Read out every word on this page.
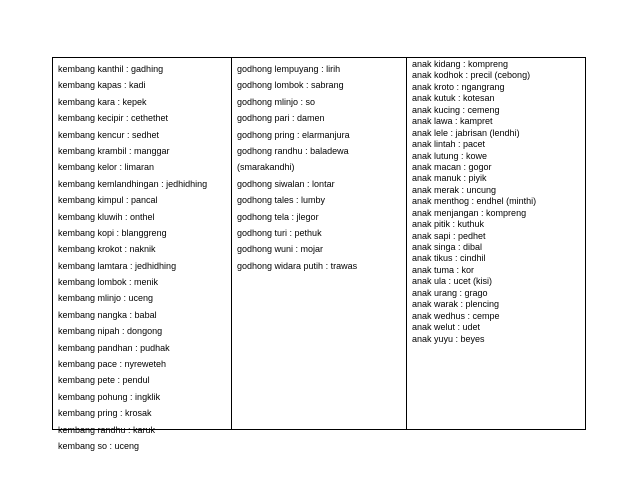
kembang kanthil : gadhing
kembang kapas : kadi
kembang kara : kepek
kembang kecipir : cethethet
kembang kencur : sedhet
kembang krambil : manggar
kembang kelor : limaran
kembang kemlandhingan : jedhidhing
kembang kimpul : pancal
kembang kluwih : onthel
kembang kopi : blanggreng
kembang krokot : naknik
kembang lamtara : jedhidhing
kembang lombok : menik
kembang mlinjo : uceng
kembang nangka : babal
kembang nipah : dongong
kembang pandhan : pudhak
kembang pace : nyreweteh
kembang pete : pendul
kembang pohung : ingklik
kembang pring : krosak
kembang randhu : karuk
kembang so : uceng
godhong lempuyang : lirih
godhong lombok : sabrang
godhong mlinjo : so
godhong pari : damen
godhong pring : elarmanjura
godhong randhu : baladewa
(smarakandhi)
godhong siwalan : lontar
godhong tales : lumby
godhong tela : jlegor
godhong turi : pethuk
godhong wuni : mojar
godhong widara putih : trawas
anak kidang : kompreng
anak kodhok : precil (cebong)
anak kroto : ngangrang
anak kutuk : kotesan
anak kucing : cemeng
anak lawa : kampret
anak lele : jabrisan (lendhi)
anak lintah : pacet
anak lutung : kowe
anak macan : gogor
anak manuk : piyik
anak merak : uncung
anak menthog : endhel (minthi)
anak menjangan : kompreng
anak pitik : kuthuk
anak sapi : pedhet
anak singa : dibal
anak tikus : cindhil
anak tuma : kor
anak ula : ucet (kisi)
anak urang : grago
anak warak : plencing
anak wedhus : cempe
anak welut : udet
anak yuyu : beyes
